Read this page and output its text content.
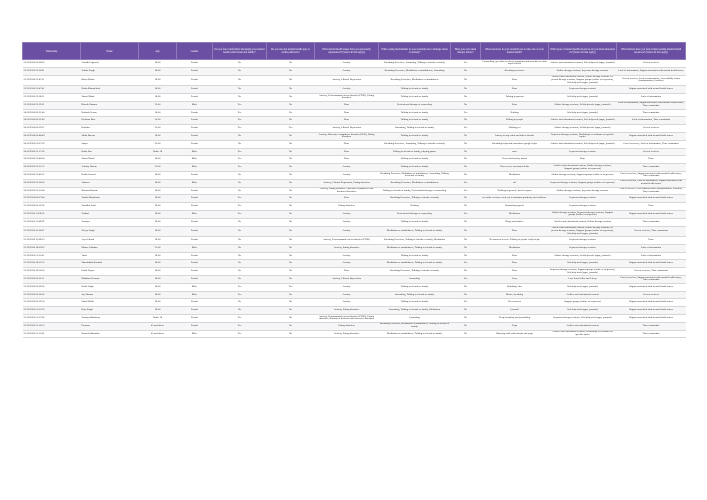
Timestamp	Name	Age	Gender	Do you feel comfortable discussing your mental health with friends and family?	Do you use any mental health apps or online platforms?	What mental health issues have you personally experienced? (Select all that apply)	What coping mechanisms do you currently use to manage stress or anxiety?	Have you ever taken therapy before?	What resources do you currently use to take care of your mental health?	What types of mental health resources are you most interested in? (Select all that apply)	What barriers have you faced when seeking mental health resources? (Select all that apply)
23/10/2024 23:09:00	Aaradhi Agarwal	18-24	Female	No	No	Anxiety	Breathing Exercises, Journaling, Talking to friends or family	Yes	Counselling, go online to check symptoms and remedies to calm myself down	Articles and educational content, Self-help tools (apps, journals)	Cost of services
23/10/2024 23:20:01	Vrinda Singh	18-24	Female	No	No	Anxiety	Breathing Exercises, Meditation or mindfulness, Journaling	No	Breathing exercises	Online therapy sessions, In-person therapy sessions	Lack of information, Stigma associated with mental health issues
23/10/2024 23:47:31	Bhavi Mehta	18-24	Female	No	No	Anxiety, Clinical Depression	Breathing Exercises, Meditation or mindfulness	No	None	Articles and educational content, Online therapy sessions, In-person therapy sessions, Support groups (online or in-person), Self-help tools (apps, journals)	Cost of services, Lack of information, Accessibility issues (transportation, location)
23/10/2024 23:47:41	Disha Khandelwal	18-24	Female	No	No	Anxiety	Talking to friends or family	No	None	In-person therapy sessions	Stigma associated with mental health issues
23/10/2024 23:58:11	Shruti Mittal	18-24	Female	No	No	Anxiety, Post-traumatic stress disorder (PTSD), Eating disorders	Talking to friends or family	No	Talking to parents	Self-help tools (apps, journals)	Lack of information
23/10/2024 23:59:31	Bhavik Sharma	25-34	Male	Yes	No	None	Professional therapy or counseling	No	None	Online therapy sessions, Self-help tools (apps, journals)	Lack of information, Stigma associated with mental health issues, Time constraints
24/10/2024 00:21:04	Kashish Verma	18-24	Female	Yes	No	None	Talking to friends or family	Yes	Nothing	Self-help tools (apps, journals)	Time constraints
24/10/2024 00:35:00	Deshana Bisa	25-34	Female	Yes	No	None	Talking to friends or family	No	Talking to people	Articles and educational content, Self-help tools (apps, journals)	Lack of information, Time constraints
24/10/2024 00:39:27	Ruchika	25-34	Female	Yes	Yes	Anxiety, Clinical Depression	Journaling, Talking to friends or family	Yes	Nothing yet	Online therapy sessions, Self-help tools (apps, journals)	Cost of services
24/10/2024 00:46:49	Shika Biswas	18-24	Female	No	No	Anxiety, Obsessive-compulsive disorder (OCD), Eating disorders	Talking to friends or family	No	Just try to stay calm and talk to friends	In-person therapy sessions, Workshops or webinars on specific topics	Stigma associated with mental health issues
24/10/2024 22:07:29	Sanya	25-34	Female	No	No	None	Breathing Exercises, Journaling, Talking to friends or family	No	Breathing helps and sometimes google helps	Articles and educational content, Self-help tools (apps, journals)	Cost of services, Lack of information, Time constraints
24/10/2024 22:17:36	Kabir Das	Under 18	Male	Yes	No	None	Talking to friends or family, playing games	No	none	In-person therapy sessions	Cost of services
24/10/2024 22:40:04	Shruti Ninoh	18-24	Male	Yes	No	None	Talking to friends or family	No	Never had anxiety attack	None	None
24/10/2024 22:51:13	Advitiy Narnia	25-34	Male	Yes	No	Anxiety	Talking to friends or family	No	I have never encountered this	Articles and educational content, Online therapy sessions, Support groups (online or in-person)	Time constraints
24/10/2024 22:43:32	Bodhi Jaiswal	18-24	Female	No	No	Anxiety	Breathing Exercises, Meditation or mindfulness, Journaling, Talking to friends or family	No	Meditation	Online therapy sessions, Support groups (online or in-person)	Cost of services, Stigma associated with mental health issues, Time constraints
24/10/2024 22:56:20	Atharva	18-24	Male	No	No	Anxiety, Clinical Depression, Eating disorders	Breathing Exercises, Meditation or mindfulness	Yes	nil	In-person therapy sessions, Support groups (online or in-person)	Cost of services, Lack of information, Stigma associated with mental health issues
24/10/2024 23:55:04	Ritvinta Kataria	18-24	Female	No	No	Anxiety, Eating disorders, Obsessive-compulsive and discussed disorders	Talking to friends or family, Professional therapy or counseling	Yes	Nothing in general, Just let it pass	Online therapy sessions, In-person therapy sessions	Cost of services, Accessibility issues (transportation, location), Time constraints
25/10/2024 00:07:44	Vanika Mansharia	18-24	Female	Yes	No	None	Breathing Exercises, Talking to friends or family	No	no online resource used, try to maintain positivity and resilience	In-person therapy sessions	Stigma associated with mental health issues
25/10/2024 00:12:24	Vasudha Joshi	18-24	Female	Yes	No	Eating disorders	Nothing	No	Distracting myself	In-person therapy sessions	None
25/10/2024 11:09:50	Vishaal	18-24	Male	Yes	No	Anxiety	Professional therapy or counseling	Yes	Meditation	Online therapy sessions, In-person therapy sessions, Support groups (online or in-person)	Stigma associated with mental health issues
25/10/2024 11:49:09	Soumya	18-24	Female	No	No	Anxiety	Talking to friends or family	No	Blogs and articles	Articles and educational content, Online therapy sessions	Time constraints
25/10/2024 12:26:07	Navya Singh	18-24	Female	No	No	Anxiety	Meditation or mindfulness, Talking to friends or family	No	None	Articles and educational content, Online therapy sessions, In-person therapy sessions, Support groups (online or in-person), Self-help tools (apps, journals)	Cost of services, Time constraints
25/10/2024 13:08:23	Arya Ghosal	18-24	Female	No	No	Anxiety, Post-traumatic stress disorder (PTSD)	Breathing Exercises, Talking to friends or family, Meditation	No	No answers to seek. Talking to people really helps	In-person therapy sessions	None
25/10/2024 18:09:05	Manav Chhabra	25-34	Male	No	No	Anxiety, Eating disorders	Meditation or mindfulness, Talking to friends or family	No	Meditation	In-person therapy sessions	Lack of information
25/10/2024 21:25:47	Tanis	18-24	Female	No	No	Anxiety	Talking to friends or family	No	None	Online therapy sessions, Self-help tools (apps, journals)	Lack of information
25/10/2024 18:53:13	Shasubhkta Kaushik	18-24	Female	No	No	Anxiety	Meditation or mindfulness, Talking to friends or family	Yes	None	Self-help tools (apps, journals)	Stigma associated with mental health issues
25/10/2024 19:30:20	Palak Tayiya	18-24	Female	No	No	None	Breathing Exercises, Talking to friends or family	No	None	In-person therapy sessions, Support groups (online or in-person), Self-help tools (apps, journals)	Cost of services, Time constraints
25/10/2024 20:32:11	Maitham Poonam	18-24	Female	No	No	Anxiety, Clinical Depression	Journaling	Yes	Cury	I use Sonal Glho and I sleep	Cost of services, Stigma associated with mental health issues, Time constraints
25/10/2024 20:39:56	Rohit Singh	18-24	Male	Yes	Yes	Anxiety	Talking to friends or family	No	Drinking/ vibe	Self-help tools (apps, journals)	Stigma associated with mental health issues
25/10/2024 20:36:56	Jay Sharma	18-24	Male	Yes	No	Anxiety	Journaling, Talking to friends or family	No	Music, breathing	Articles and educational content	Cost of services
25/10/2024 20:59:14	Ishita Malik	18-24	Female	No	No	Anxiety	Talking to friends or family	Yes	No resources	Support groups (online or in-person)	Stigma associated with mental health issues
25/10/2024 21:02:39	Riya Singh	18-24	Female	No	No	Anxiety, Eating disorders	Journaling, Talking to friends or family, Meditation	No	I journal	Self-help tools (apps, journals)	Stigma associated with mental health issues
25/10/2024 21:37:06	Saranya Bhardwaj	Under 18	Female	Yes	No	Anxiety, Post-traumatic stress disorder (PTSD), Eating disorders, Bulimia or behavior and obsessive disorders	Journaling	No	Deep breathing and journalling	In-person therapy sessions, Self-help tools (apps, journals)	Stigma associated with mental health issues
25/10/2024 21:10:13	Poonam	45 and above	Female	Yes	No	Eating disorders	Breathing Exercises, Meditation or mindfulness, Talking to friends or family	No	Yoga	Articles and educational content	Time constraints
25/10/2024 21:11:45	Ramesh Bhandari	45 and above	Male	Yes	No	Anxiety, Eating disorders	Meditation or mindfulness, Talking to friends or family	No	Morning walk with friends and yoga	Articles and educational content, Workshops or webinars on specific topics	Time constraints
